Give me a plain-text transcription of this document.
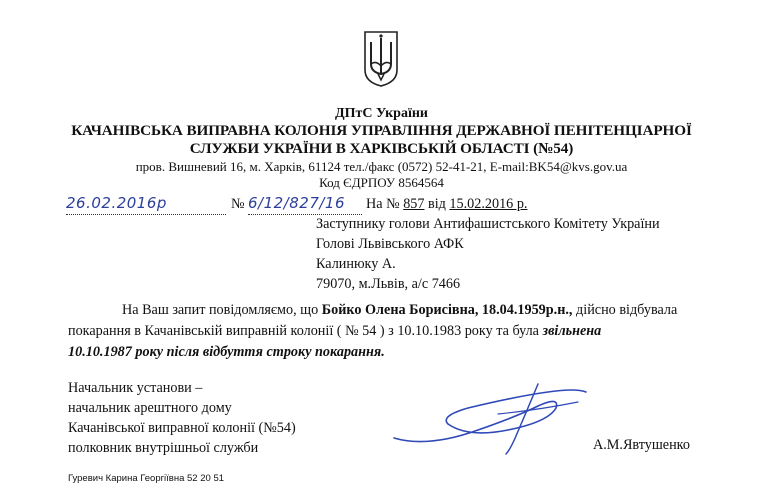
ДПтС України
КАЧАНІВСЬКА ВИПРАВНА КОЛОНІЯ УПРАВЛІННЯ ДЕРЖАВНОЇ ПЕНІТЕНЦІАРНОЇ
СЛУЖБИ УКРАЇНИ В ХАРКІВСЬКІЙ ОБЛАСТІ (№54)
пров. Вишневий 16, м. Харків, 61124 тел./факс (0572) 52-41-21, E-mail:BK54@kvs.gov.ua
Код ЄДРПОУ 8564564
26.02.2016р	№ 6/12/827/16	На № 857 від 15.02.2016 р.
Заступнику голови Антифашистського Комітету України
Голові Львівського АФК
Калинюку А.
79070, м.Львів, а/с 7466
На Ваш запит повідомляємо, що Бойко Олена Борисівна, 18.04.1959р.н., дійсно відбувала
покарання в Качанівській виправній колонії ( № 54 ) з 10.10.1983 року та була звільнена
10.10.1987 року після відбуття строку покарання.
Начальник установи –
начальник арештного дому
Качанівської виправної колонії (№54)
полковник внутрішньої служби	А.М.Явтушенко
Гуревич Карина Георгіївна 52 20 51
